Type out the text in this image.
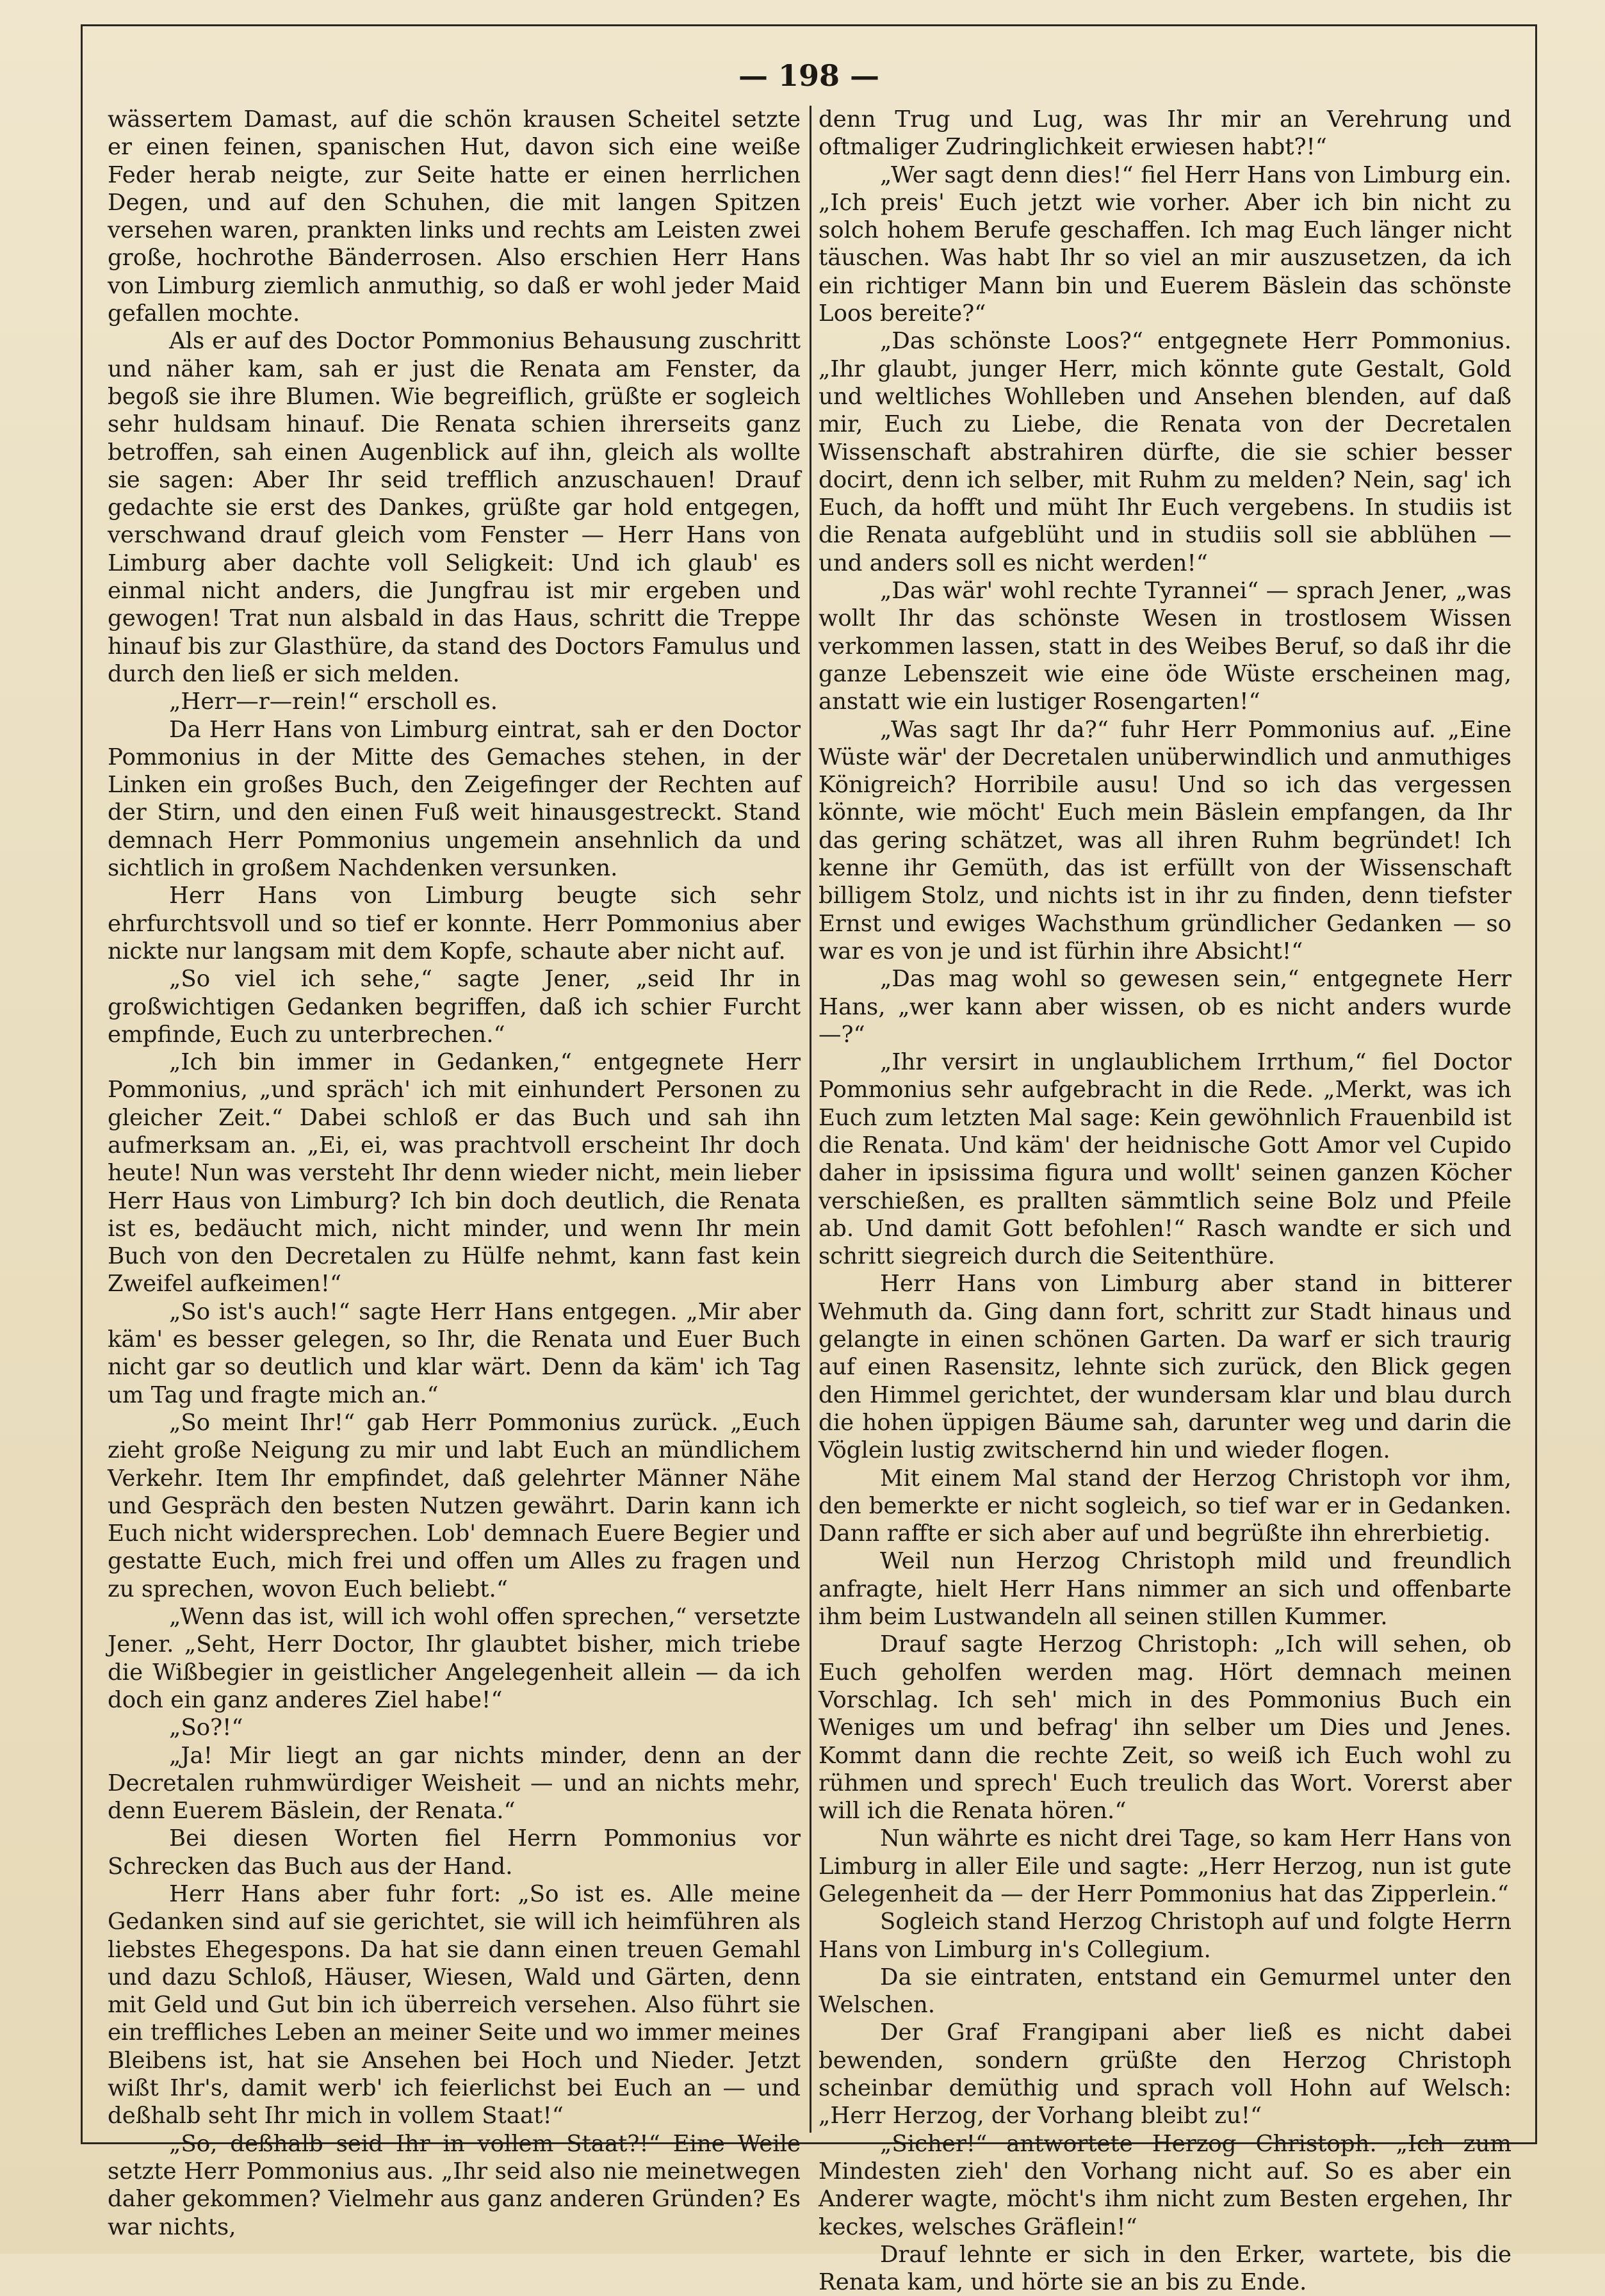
— 198 —

wässertem Damast, auf die schön krausen Scheitel setzte er einen feinen, spanischen Hut, davon sich eine weiße Feder herab neigte, zur Seite hatte er einen herrlichen Degen, und auf den Schuhen, die mit langen Spitzen versehen waren, prankten links und rechts am Leisten zwei große, hochrothe Bänderrosen. Also erschien Herr Hans von Limburg ziemlich anmuthig, so daß er wohl jeder Maid gefallen mochte.

Als er auf des Doctor Pommonius Behausung zuschritt und näher kam, sah er just die Renata am Fenster, da begoß sie ihre Blumen. Wie begreiflich, grüßte er sogleich sehr huldsam hinauf. Die Renata schien ihrerseits ganz betroffen, sah einen Augenblick auf ihn, gleich als wollte sie sagen: Aber Ihr seid trefflich anzuschauen! Drauf gedachte sie erst des Dankes, grüßte gar hold entgegen, verschwand drauf gleich vom Fenster — Herr Hans von Limburg aber dachte voll Seligkeit: Und ich glaub' es einmal nicht anders, die Jungfrau ist mir ergeben und gewogen! Trat nun alsbald in das Haus, schritt die Treppe hinauf bis zur Glasthüre, da stand des Doctors Famulus und durch den ließ er sich melden.

„Herr—r—rein!“ erscholl es.

Da Herr Hans von Limburg eintrat, sah er den Doctor Pommonius in der Mitte des Gemaches stehen, in der Linken ein großes Buch, den Zeigefinger der Rechten auf der Stirn, und den einen Fuß weit hinausgestreckt. Stand demnach Herr Pommonius ungemein ansehnlich da und sichtlich in großem Nachdenken versunken.

Herr Hans von Limburg beugte sich sehr ehrfurchtsvoll und so tief er konnte. Herr Pommonius aber nickte nur langsam mit dem Kopfe, schaute aber nicht auf.

„So viel ich sehe,“ sagte Jener, „seid Ihr in großwichtigen Gedanken begriffen, daß ich schier Furcht empfinde, Euch zu unterbrechen.“

„Ich bin immer in Gedanken,“ entgegnete Herr Pommonius, „und spräch' ich mit einhundert Personen zu gleicher Zeit.“ Dabei schloß er das Buch und sah ihn aufmerksam an. „Ei, ei, was prachtvoll erscheint Ihr doch heute! Nun was versteht Ihr denn wieder nicht, mein lieber Herr Haus von Limburg? Ich bin doch deutlich, die Renata ist es, bedäucht mich, nicht minder, und wenn Ihr mein Buch von den Decretalen zu Hülfe nehmt, kann fast kein Zweifel aufkeimen!“

„So ist's auch!“ sagte Herr Hans entgegen. „Mir aber käm' es besser gelegen, so Ihr, die Renata und Euer Buch nicht gar so deutlich und klar wärt. Denn da käm' ich Tag um Tag und fragte mich an.“

„So meint Ihr!“ gab Herr Pommonius zurück. „Euch zieht große Neigung zu mir und labt Euch an mündlichem Verkehr. Item Ihr empfindet, daß gelehrter Männer Nähe und Gespräch den besten Nutzen gewährt. Darin kann ich Euch nicht widersprechen. Lob' demnach Euere Begier und gestatte Euch, mich frei und offen um Alles zu fragen und zu sprechen, wovon Euch beliebt.“

„Wenn das ist, will ich wohl offen sprechen,“ versetzte Jener. „Seht, Herr Doctor, Ihr glaubtet bisher, mich triebe die Wißbegier in geistlicher Angelegenheit allein — da ich doch ein ganz anderes Ziel habe!“

„So?!“

„Ja! Mir liegt an gar nichts minder, denn an der Decretalen ruhmwürdiger Weisheit — und an nichts mehr, denn Euerem Bäslein, der Renata.“

Bei diesen Worten fiel Herrn Pommonius vor Schrecken das Buch aus der Hand.

Herr Hans aber fuhr fort: „So ist es. Alle meine Gedanken sind auf sie gerichtet, sie will ich heimführen als liebstes Ehegespons. Da hat sie dann einen treuen Gemahl und dazu Schloß, Häuser, Wiesen, Wald und Gärten, denn mit Geld und Gut bin ich überreich versehen. Also führt sie ein treffliches Leben an meiner Seite und wo immer meines Bleibens ist, hat sie Ansehen bei Hoch und Nieder. Jetzt wißt Ihr's, damit werb' ich feierlichst bei Euch an — und deßhalb seht Ihr mich in vollem Staat!“

„So, deßhalb seid Ihr in vollem Staat?!“ Eine Weile setzte Herr Pommonius aus. „Ihr seid also nie meinetwegen daher gekommen? Vielmehr aus ganz anderen Gründen? Es war nichts,

denn Trug und Lug, was Ihr mir an Verehrung und oftmaliger Zudringlichkeit erwiesen habt?!“

„Wer sagt denn dies!“ fiel Herr Hans von Limburg ein. „Ich preis' Euch jetzt wie vorher. Aber ich bin nicht zu solch hohem Berufe geschaffen. Ich mag Euch länger nicht täuschen. Was habt Ihr so viel an mir auszusetzen, da ich ein richtiger Mann bin und Euerem Bäslein das schönste Loos bereite?“

„Das schönste Loos?“ entgegnete Herr Pommonius. „Ihr glaubt, junger Herr, mich könnte gute Gestalt, Gold und weltliches Wohlleben und Ansehen blenden, auf daß mir, Euch zu Liebe, die Renata von der Decretalen Wissenschaft abstrahiren dürfte, die sie schier besser docirt, denn ich selber, mit Ruhm zu melden? Nein, sag' ich Euch, da hofft und müht Ihr Euch vergebens. In studiis ist die Renata aufgeblüht und in studiis soll sie abblühen — und anders soll es nicht werden!“

„Das wär' wohl rechte Tyrannei“ — sprach Jener, „was wollt Ihr das schönste Wesen in trostlosem Wissen verkommen lassen, statt in des Weibes Beruf, so daß ihr die ganze Lebenszeit wie eine öde Wüste erscheinen mag, anstatt wie ein lustiger Rosengarten!“

„Was sagt Ihr da?“ fuhr Herr Pommonius auf. „Eine Wüste wär' der Decretalen unüberwindlich und anmuthiges Königreich? Horribile ausu! Und so ich das vergessen könnte, wie möcht' Euch mein Bäslein empfangen, da Ihr das gering schätzet, was all ihren Ruhm begründet! Ich kenne ihr Gemüth, das ist erfüllt von der Wissenschaft billigem Stolz, und nichts ist in ihr zu finden, denn tiefster Ernst und ewiges Wachsthum gründlicher Gedanken — so war es von je und ist fürhin ihre Absicht!“

„Das mag wohl so gewesen sein,“ entgegnete Herr Hans, „wer kann aber wissen, ob es nicht anders wurde —?“

„Ihr versirt in unglaublichem Irrthum,“ fiel Doctor Pommonius sehr aufgebracht in die Rede. „Merkt, was ich Euch zum letzten Mal sage: Kein gewöhnlich Frauenbild ist die Renata. Und käm' der heidnische Gott Amor vel Cupido daher in ipsissima figura und wollt' seinen ganzen Köcher verschießen, es prallten sämmtlich seine Bolz und Pfeile ab. Und damit Gott befohlen!“ Rasch wandte er sich und schritt siegreich durch die Seitenthüre.

Herr Hans von Limburg aber stand in bitterer Wehmuth da. Ging dann fort, schritt zur Stadt hinaus und gelangte in einen schönen Garten. Da warf er sich traurig auf einen Rasensitz, lehnte sich zurück, den Blick gegen den Himmel gerichtet, der wundersam klar und blau durch die hohen üppigen Bäume sah, darunter weg und darin die Vöglein lustig zwitschernd hin und wieder flogen.

Mit einem Mal stand der Herzog Christoph vor ihm, den bemerkte er nicht sogleich, so tief war er in Gedanken. Dann raffte er sich aber auf und begrüßte ihn ehrerbietig.

Weil nun Herzog Christoph mild und freundlich anfragte, hielt Herr Hans nimmer an sich und offenbarte ihm beim Lustwandeln all seinen stillen Kummer.

Drauf sagte Herzog Christoph: „Ich will sehen, ob Euch geholfen werden mag. Hört demnach meinen Vorschlag. Ich seh' mich in des Pommonius Buch ein Weniges um und befrag' ihn selber um Dies und Jenes. Kommt dann die rechte Zeit, so weiß ich Euch wohl zu rühmen und sprech' Euch treulich das Wort. Vorerst aber will ich die Renata hören.“

Nun währte es nicht drei Tage, so kam Herr Hans von Limburg in aller Eile und sagte: „Herr Herzog, nun ist gute Gelegenheit da — der Herr Pommonius hat das Zipperlein.“

Sogleich stand Herzog Christoph auf und folgte Herrn Hans von Limburg in's Collegium.

Da sie eintraten, entstand ein Gemurmel unter den Welschen.

Der Graf Frangipani aber ließ es nicht dabei bewenden, sondern grüßte den Herzog Christoph scheinbar demüthig und sprach voll Hohn auf Welsch: „Herr Herzog, der Vorhang bleibt zu!“

„Sicher!“ antwortete Herzog Christoph. „Ich zum Mindesten zieh' den Vorhang nicht auf. So es aber ein Anderer wagte, möcht's ihm nicht zum Besten ergehen, Ihr keckes, welsches Gräflein!“

Drauf lehnte er sich in den Erker, wartete, bis die Renata kam, und hörte sie an bis zu Ende.
